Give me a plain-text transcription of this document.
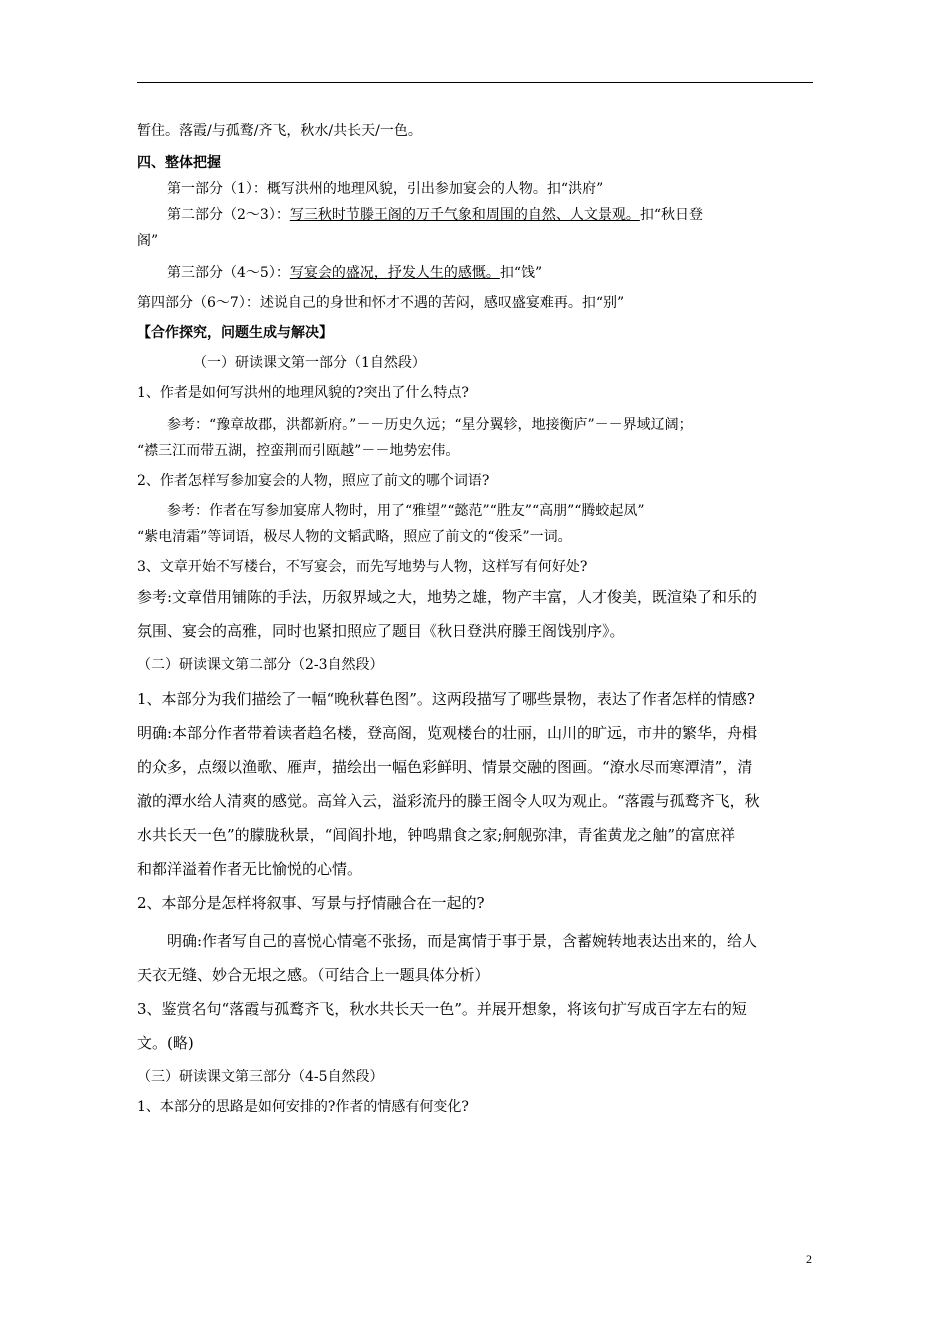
暂住。落霞/与孤鹜/齐飞，秋水/共长天/一色。

四、整体把握

第一部分（1）：概写洪州的地理风貌，引出参加宴会的人物。扣“洪府”

第二部分（2～3）：写三秋时节滕王阁的万千气象和周围的自然、人文景观。扣“秋日登

阁”

第三部分（4～5）：写宴会的盛况，抒发人生的感慨。扣“饯”

第四部分（6～7）：述说自己的身世和怀才不遇的苦闷，感叹盛宴难再。扣“别”

【合作探究，问题生成与解决】

（一）研读课文第一部分（1自然段）

1、作者是如何写洪州的地理风貌的?突出了什么特点?

参考：“豫章故郡，洪都新府。”－－历史久远；“星分翼轸，地接衡庐”－－界域辽阔；

“襟三江而带五湖，控蛮荆而引瓯越”－－地势宏伟。

2、作者怎样写参加宴会的人物，照应了前文的哪个词语?

参考：作者在写参加宴席人物时，用了“雅望”“懿范”“胜友”“高朋”“腾蛟起凤”

“紫电清霜”等词语，极尽人物的文韬武略，照应了前文的“俊采”一词。

3、文章开始不写楼台，不写宴会，而先写地势与人物，这样写有何好处?

参考:文章借用铺陈的手法，历叙界域之大，地势之雄，物产丰富，人才俊美，既渲染了和乐的

氛围、宴会的高雅，同时也紧扣照应了题目《秋日登洪府滕王阁饯别序》。

（二）研读课文第二部分（2-3自然段）

1、本部分为我们描绘了一幅“晚秋暮色图”。这两段描写了哪些景物，表达了作者怎样的情感?

明确:本部分作者带着读者趋名楼，登高阁，览观楼台的壮丽，山川的旷远，市井的繁华，舟楫

的众多，点缀以渔歌、雁声，描绘出一幅色彩鲜明、情景交融的图画。“潦水尽而寒潭清”，清

澈的潭水给人清爽的感觉。高耸入云，溢彩流丹的滕王阁令人叹为观止。“落霞与孤鹜齐飞，秋

水共长天一色”的朦胧秋景，“闾阎扑地，钟鸣鼎食之家;舸舰弥津，青雀黄龙之舳”的富庶祥

和都洋溢着作者无比愉悦的心情。

2、本部分是怎样将叙事、写景与抒情融合在一起的?

明确:作者写自己的喜悦心情毫不张扬，而是寓情于事于景，含蓄婉转地表达出来的，给人

天衣无缝、妙合无垠之感。（可结合上一题具体分析）

3、鉴赏名句“落霞与孤鹜齐飞，秋水共长天一色”。并展开想象，将该句扩写成百字左右的短

文。(略)

（三）研读课文第三部分（4-5自然段）

1、本部分的思路是如何安排的?作者的情感有何变化?

2
